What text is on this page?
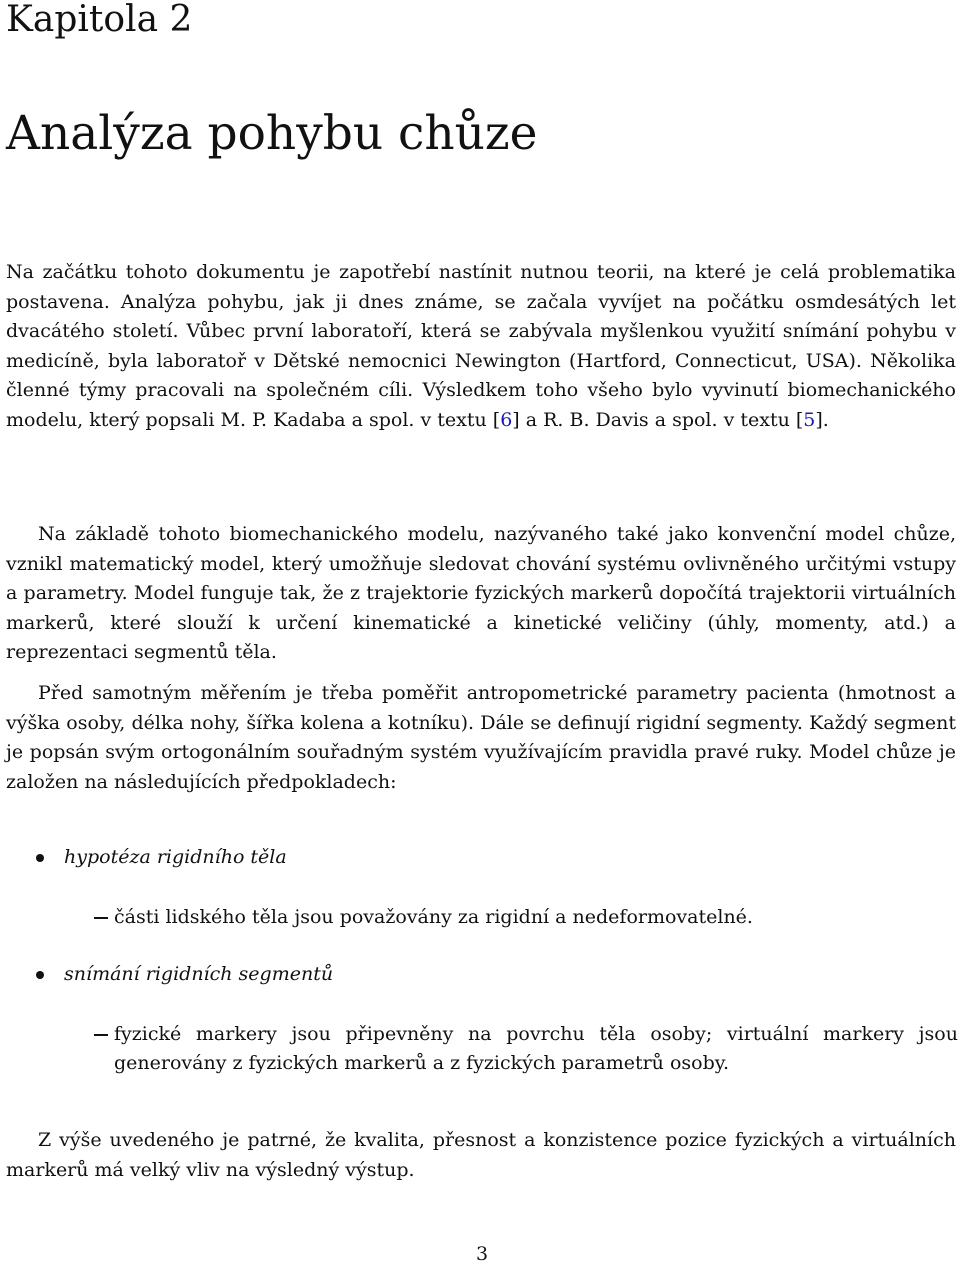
Kapitola 2
Analýza pohybu chůze

Na začátku tohoto dokumentu je zapotřebí nastínit nutnou teorii, na které je celá problematika postavena. Analýza pohybu, jak ji dnes známe, se začala vyvíjet na počátku osmdesátých let dvacátého století. Vůbec první laboratoří, která se zabývala myšlenkou využití snímání pohybu v medicíně, byla laboratoř v Dětské nemocnici Newington (Hartford, Connecticut, USA). Několika členné týmy pracovali na společném cíli. Výsledkem toho všeho bylo vyvinutí biomechanického modelu, který popsali M. P. Kadaba a spol. v textu [6] a R. B. Davis a spol. v textu [5].

Na základě tohoto biomechanického modelu, nazývaného také jako konvenční model chůze, vznikl matematický model, který umožňuje sledovat chování systému ovlivněného určitými vstupy a parametry. Model funguje tak, že z trajektorie fyzických markerů dopočítá trajektorii virtuálních markerů, které slouží k určení kinematické a kinetické veličiny (úhly, momenty, atd.) a reprezentaci segmentů těla.

Před samotným měřením je třeba poměřit antropometrické parametry pacienta (hmotnost a výška osoby, délka nohy, šířka kolena a kotníku). Dále se definují rigidní segmenty. Každý segment je popsán svým ortogonálním souřadným systém využívajícím pravidla pravé ruky. Model chůze je založen na následujících předpokladech:

hypotéza rigidního těla
části lidského těla jsou považovány za rigidní a nedeformovatelné.
snímání rigidních segmentů
fyzické markery jsou připevněny na povrchu těla osoby; virtuální markery jsou generovány z fyzických markerů a z fyzických parametrů osoby.

Z výše uvedeného je patrné, že kvalita, přesnost a konzistence pozice fyzických a virtuálních markerů má velký vliv na výsledný výstup.

3
